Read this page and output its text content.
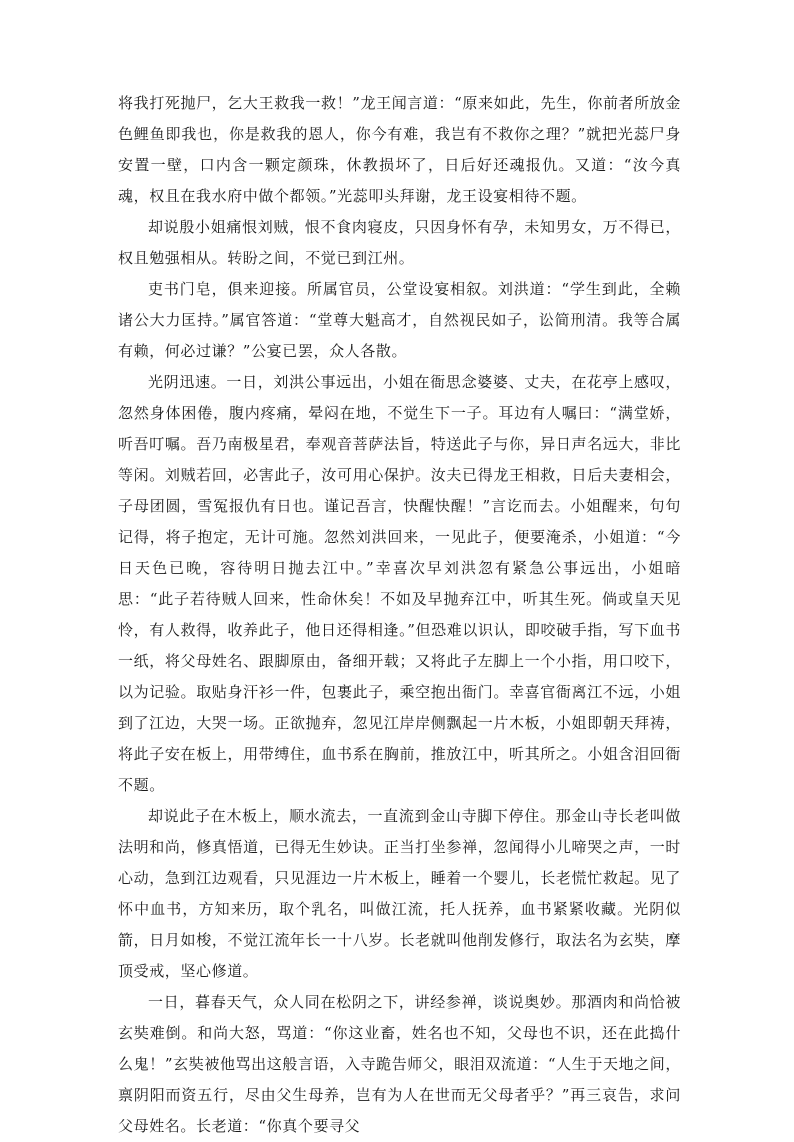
将我打死抛尸，乞大王救我一救！”龙王闻言道：“原来如此，先生，你前者所放金色鲤鱼即我也，你是救我的恩人，你今有难，我岂有不救你之理？”就把光蕊尸身安置一壁，口内含一颗定颜珠，休教损坏了，日后好还魂报仇。又道：“汝今真魂，权且在我水府中做个都领。”光蕊叩头拜谢，龙王设宴相待不题。

却说殷小姐痛恨刘贼，恨不食肉寝皮，只因身怀有孕，未知男女，万不得已，权且勉强相从。转盼之间，不觉已到江州。

吏书门皂，俱来迎接。所属官员，公堂设宴相叙。刘洪道：“学生到此，全赖诸公大力匡持。”属官答道：“堂尊大魁高才，自然视民如子，讼简刑清。我等合属有赖，何必过谦？”公宴已罢，众人各散。

光阴迅速。一日，刘洪公事远出，小姐在衙思念婆婆、丈夫，在花亭上感叹，忽然身体困倦，腹内疼痛，晕闷在地，不觉生下一子。耳边有人嘱曰：“满堂娇，听吾叮嘱。吾乃南极星君，奉观音菩萨法旨，特送此子与你，异日声名远大，非比等闲。刘贼若回，必害此子，汝可用心保护。汝夫已得龙王相救，日后夫妻相会，子母团圆，雪冤报仇有日也。谨记吾言，快醒快醒！”言讫而去。小姐醒来，句句记得，将子抱定，无计可施。忽然刘洪回来，一见此子，便要淹杀，小姐道：“今日天色已晚，容待明日抛去江中。”幸喜次早刘洪忽有紧急公事远出，小姐暗思：“此子若待贼人回来，性命休矣！不如及早抛弃江中，听其生死。倘或皇天见怜，有人救得，收养此子，他日还得相逢。”但恐难以识认，即咬破手指，写下血书一纸，将父母姓名、跟脚原由，备细开载；又将此子左脚上一个小指，用口咬下，以为记验。取贴身汗衫一件，包裹此子，乘空抱出衙门。幸喜官衙离江不远，小姐到了江边，大哭一场。正欲抛弃，忽见江岸岸侧飘起一片木板，小姐即朝天拜祷，将此子安在板上，用带缚住，血书系在胸前，推放江中，听其所之。小姐含泪回衙不题。

却说此子在木板上，顺水流去，一直流到金山寺脚下停住。那金山寺长老叫做法明和尚，修真悟道，已得无生妙诀。正当打坐参禅，忽闻得小儿啼哭之声，一时心动，急到江边观看，只见涯边一片木板上，睡着一个婴儿，长老慌忙救起。见了怀中血书，方知来历，取个乳名，叫做江流，托人抚养，血书紧紧收藏。光阴似箭，日月如梭，不觉江流年长一十八岁。长老就叫他削发修行，取法名为玄奘，摩顶受戒，坚心修道。

一日，暮春天气，众人同在松阴之下，讲经参禅，谈说奥妙。那酒肉和尚恰被玄奘难倒。和尚大怒，骂道：“你这业畜，姓名也不知，父母也不识，还在此捣什么鬼！”玄奘被他骂出这般言语，入寺跪告师父，眼泪双流道：“人生于天地之间，禀阴阳而资五行，尽由父生母养，岂有为人在世而无父母者乎？”再三哀告，求问父母姓名。长老道：“你真个要寻父
